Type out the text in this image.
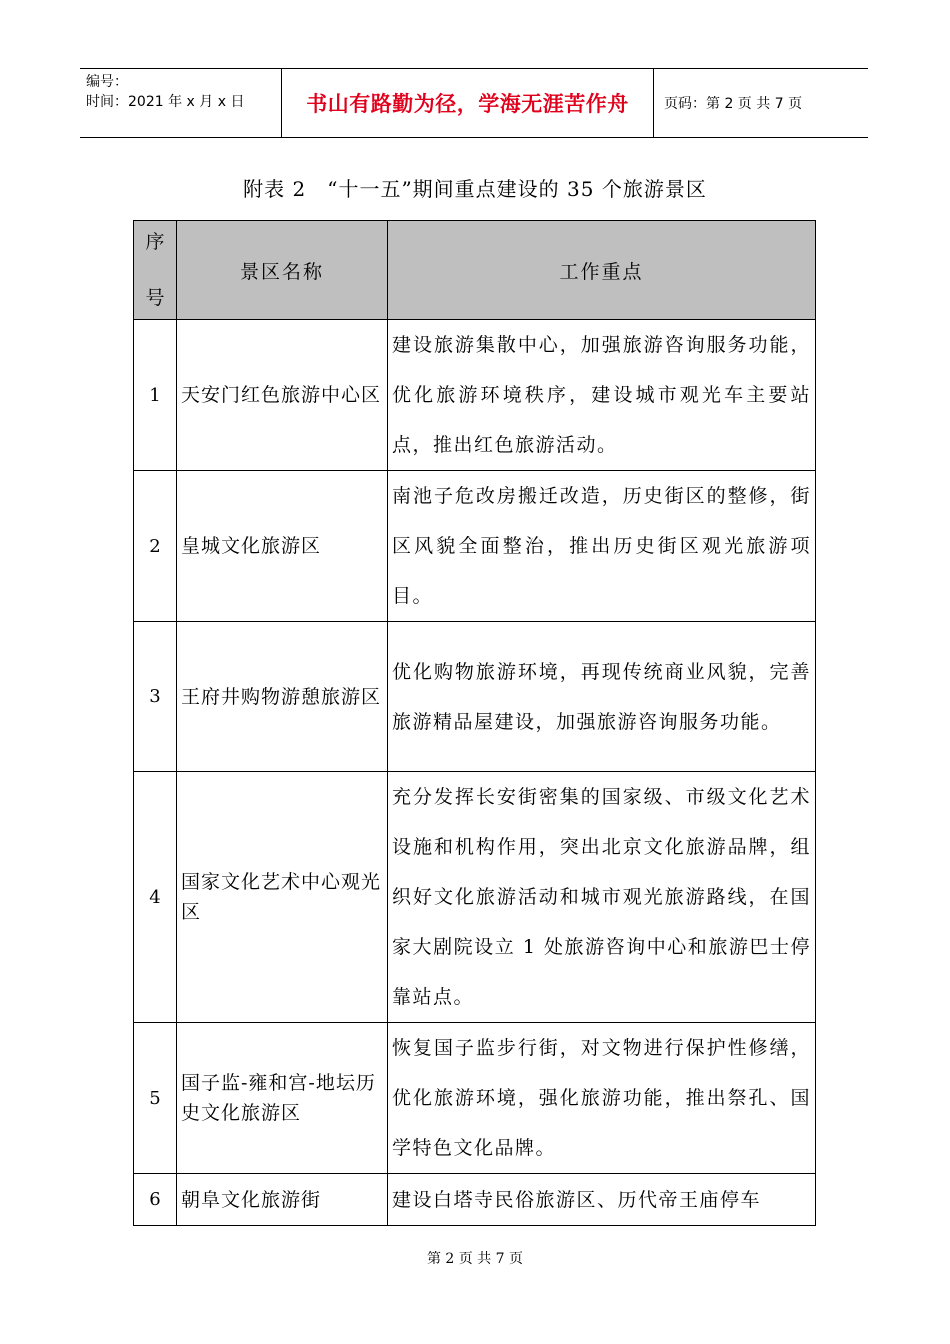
编号：
时间：2021 年 x 月 x 日	书山有路勤为径，学海无涯苦作舟	页码：第 2 页 共 7 页
附表 2　“十一五”期间重点建设的 35 个旅游景区
序
号	景区名称	工作重点
1	天安门红色旅游中心区	建设旅游集散中心，加强旅游咨询服务功能，优化旅游环境秩序，建设城市观光车主要站点，推出红色旅游活动。
2	皇城文化旅游区	南池子危改房搬迁改造，历史街区的整修，街区风貌全面整治，推出历史街区观光旅游项目。
3	王府井购物游憩旅游区	优化购物旅游环境，再现传统商业风貌，完善旅游精品屋建设，加强旅游咨询服务功能。
4	国家文化艺术中心观光区	充分发挥长安街密集的国家级、市级文化艺术设施和机构作用，突出北京文化旅游品牌，组织好文化旅游活动和城市观光旅游路线，在国家大剧院设立 1 处旅游咨询中心和旅游巴士停靠站点。
5	国子监-雍和宫-地坛历史文化旅游区	恢复国子监步行街，对文物进行保护性修缮，优化旅游环境，强化旅游功能，推出祭孔、国学特色文化品牌。
6	朝阜文化旅游街	建设白塔寺民俗旅游区、历代帝王庙停车
第 2 页 共 7 页
